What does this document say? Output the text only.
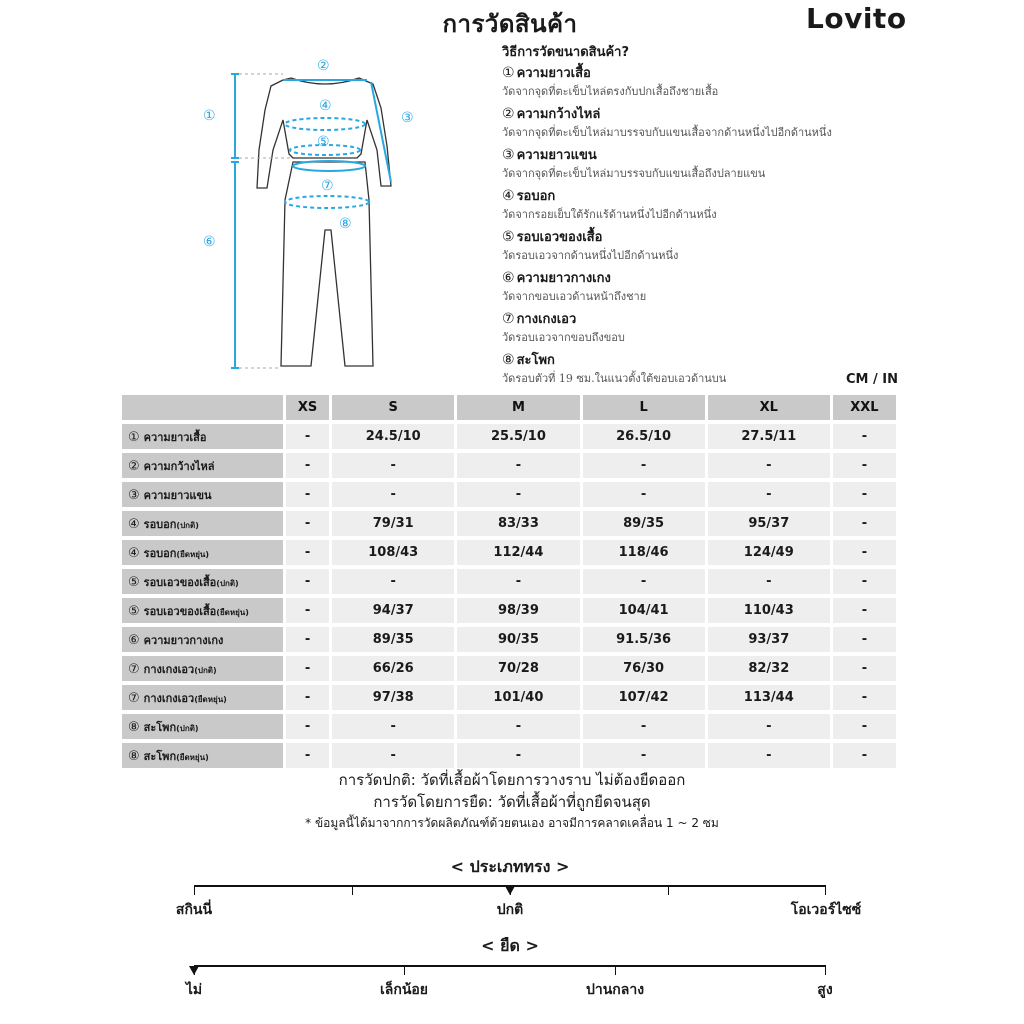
การวัดสินค้า	Lovito
①
②
③
④
⑤
⑥
⑦
⑧
วิธีการวัดขนาดสินค้า?
① ความยาวเสื้อ
วัดจากจุดที่ตะเข็บไหล่ตรงกับปกเสื้อถึงชายเสื้อ
② ความกว้างไหล่
วัดจากจุดที่ตะเข็บไหล่มาบรรจบกับแขนเสื้อจากด้านหนึ่งไปอีกด้านหนึ่ง
③ ความยาวแขน
วัดจากจุดที่ตะเข็บไหล่มาบรรจบกับแขนเสื้อถึงปลายแขน
④ รอบอก
วัดจากรอยเย็บใต้รักแร้ด้านหนึ่งไปอีกด้านหนึ่ง
⑤ รอบเอวของเสื้อ
วัดรอบเอวจากด้านหนึ่งไปอีกด้านหนึ่ง
⑥ ความยาวกางเกง
วัดจากขอบเอวด้านหน้าถึงชาย
⑦ กางเกงเอว
วัดรอบเอวจากขอบถึงขอบ
⑧ สะโพก
วัดรอบตัวที่ 19 ซม.ในแนวตั้งใต้ขอบเอวด้านบน	CM / IN
	XS	S	M	L	XL	XXL
① ความยาวเสื้อ	-	24.5/10	25.5/10	26.5/10	27.5/11	-
② ความกว้างไหล่	-	-	-	-	-	-
③ ความยาวแขน	-	-	-	-	-	-
④ รอบอก(ปกติ)	-	79/31	83/33	89/35	95/37	-
④ รอบอก(ยืดหยุ่น)	-	108/43	112/44	118/46	124/49	-
⑤ รอบเอวของเสื้อ(ปกติ)	-	-	-	-	-	-
⑤ รอบเอวของเสื้อ(ยืดหยุ่น)	-	94/37	98/39	104/41	110/43	-
⑥ ความยาวกางเกง	-	89/35	90/35	91.5/36	93/37	-
⑦ กางเกงเอว(ปกติ)	-	66/26	70/28	76/30	82/32	-
⑦ กางเกงเอว(ยืดหยุ่น)	-	97/38	101/40	107/42	113/44	-
⑧ สะโพก(ปกติ)	-	-	-	-	-	-
⑧ สะโพก(ยืดหยุ่น)	-	-	-	-	-	-
การวัดปกติ: วัดที่เสื้อผ้าโดยการวางราบ ไม่ต้องยืดออก
การวัดโดยการยืด: วัดที่เสื้อผ้าที่ถูกยืดจนสุด
* ข้อมูลนี้ได้มาจากการวัดผลิตภัณฑ์ด้วยตนเอง อาจมีการคลาดเคลื่อน 1 ~ 2 ซม
< ประเภททรง >
สกินนี่	ปกติ	โอเวอร์ไซซ์
< ยืด >
ไม่	เล็กน้อย	ปานกลาง	สูง
